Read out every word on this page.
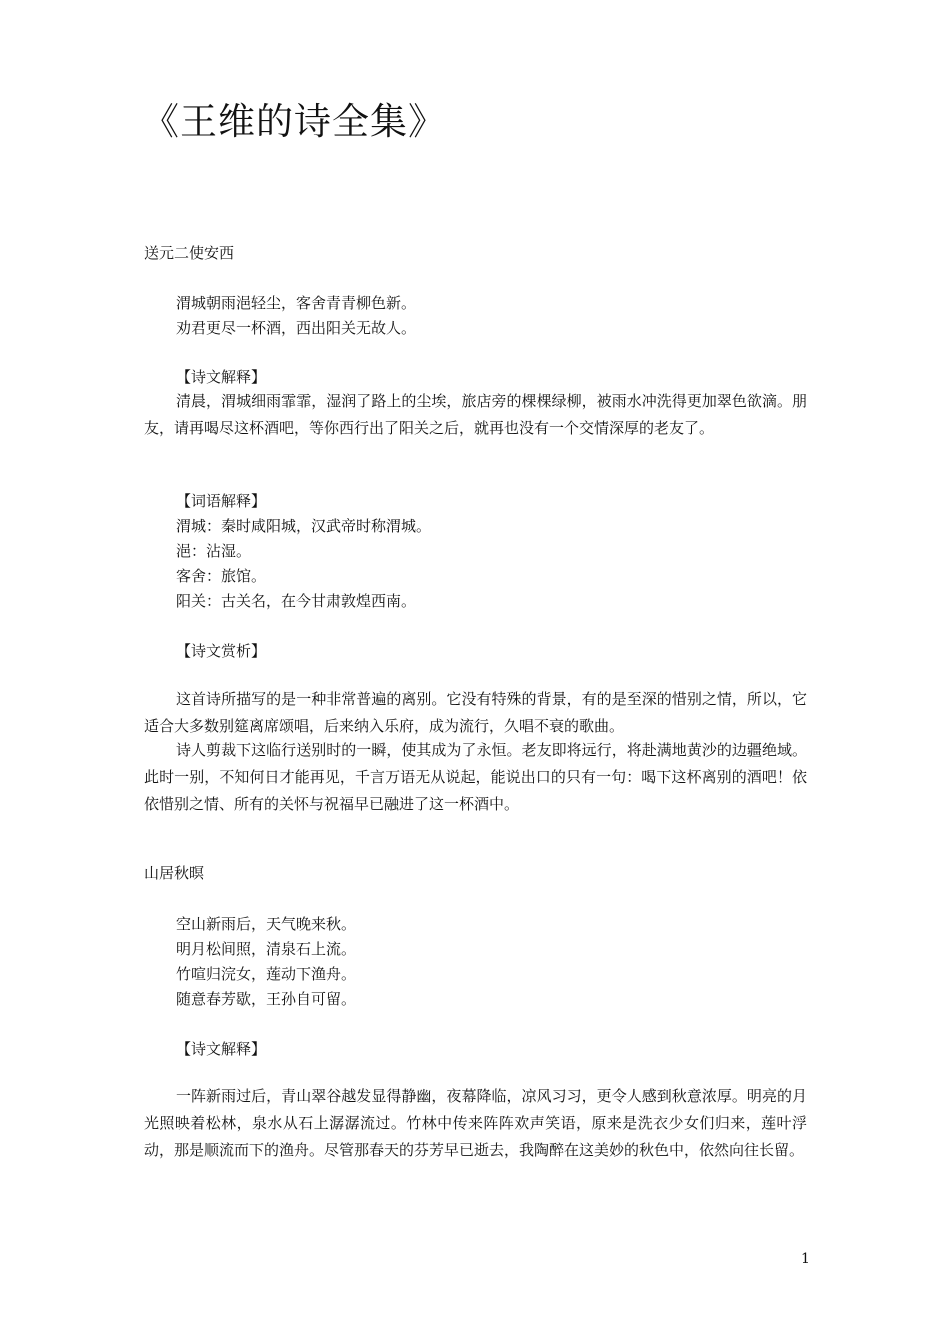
《王维的诗全集》
送元二使安西
渭城朝雨浥轻尘，客舍青青柳色新。
劝君更尽一杯酒，西出阳关无故人。
【诗文解释】
清晨，渭城细雨霏霏，湿润了路上的尘埃，旅店旁的棵棵绿柳，被雨水冲洗得更加翠色欲滴。朋友，请再喝尽这杯酒吧，等你西行出了阳关之后，就再也没有一个交情深厚的老友了。
【词语解释】
渭城：秦时咸阳城，汉武帝时称渭城。
浥：沾湿。
客舍：旅馆。
阳关：古关名，在今甘肃敦煌西南。
【诗文赏析】
这首诗所描写的是一种非常普遍的离别。它没有特殊的背景，有的是至深的惜别之情，所以，它适合大多数别筵离席颂唱，后来纳入乐府，成为流行，久唱不衰的歌曲。
诗人剪裁下这临行送别时的一瞬，使其成为了永恒。老友即将远行，将赴满地黄沙的边疆绝域。此时一别，不知何日才能再见，千言万语无从说起，能说出口的只有一句：喝下这杯离别的酒吧！依依惜别之情、所有的关怀与祝福早已融进了这一杯酒中。
山居秋暝
空山新雨后，天气晚来秋。
明月松间照，清泉石上流。
竹喧归浣女，莲动下渔舟。
随意春芳歇，王孙自可留。
【诗文解释】
一阵新雨过后，青山翠谷越发显得静幽，夜幕降临，凉风习习，更令人感到秋意浓厚。明亮的月光照映着松林，泉水从石上潺潺流过。竹林中传来阵阵欢声笑语，原来是洗衣少女们归来，莲叶浮动，那是顺流而下的渔舟。尽管那春天的芬芳早已逝去，我陶醉在这美妙的秋色中，依然向往长留。
1
